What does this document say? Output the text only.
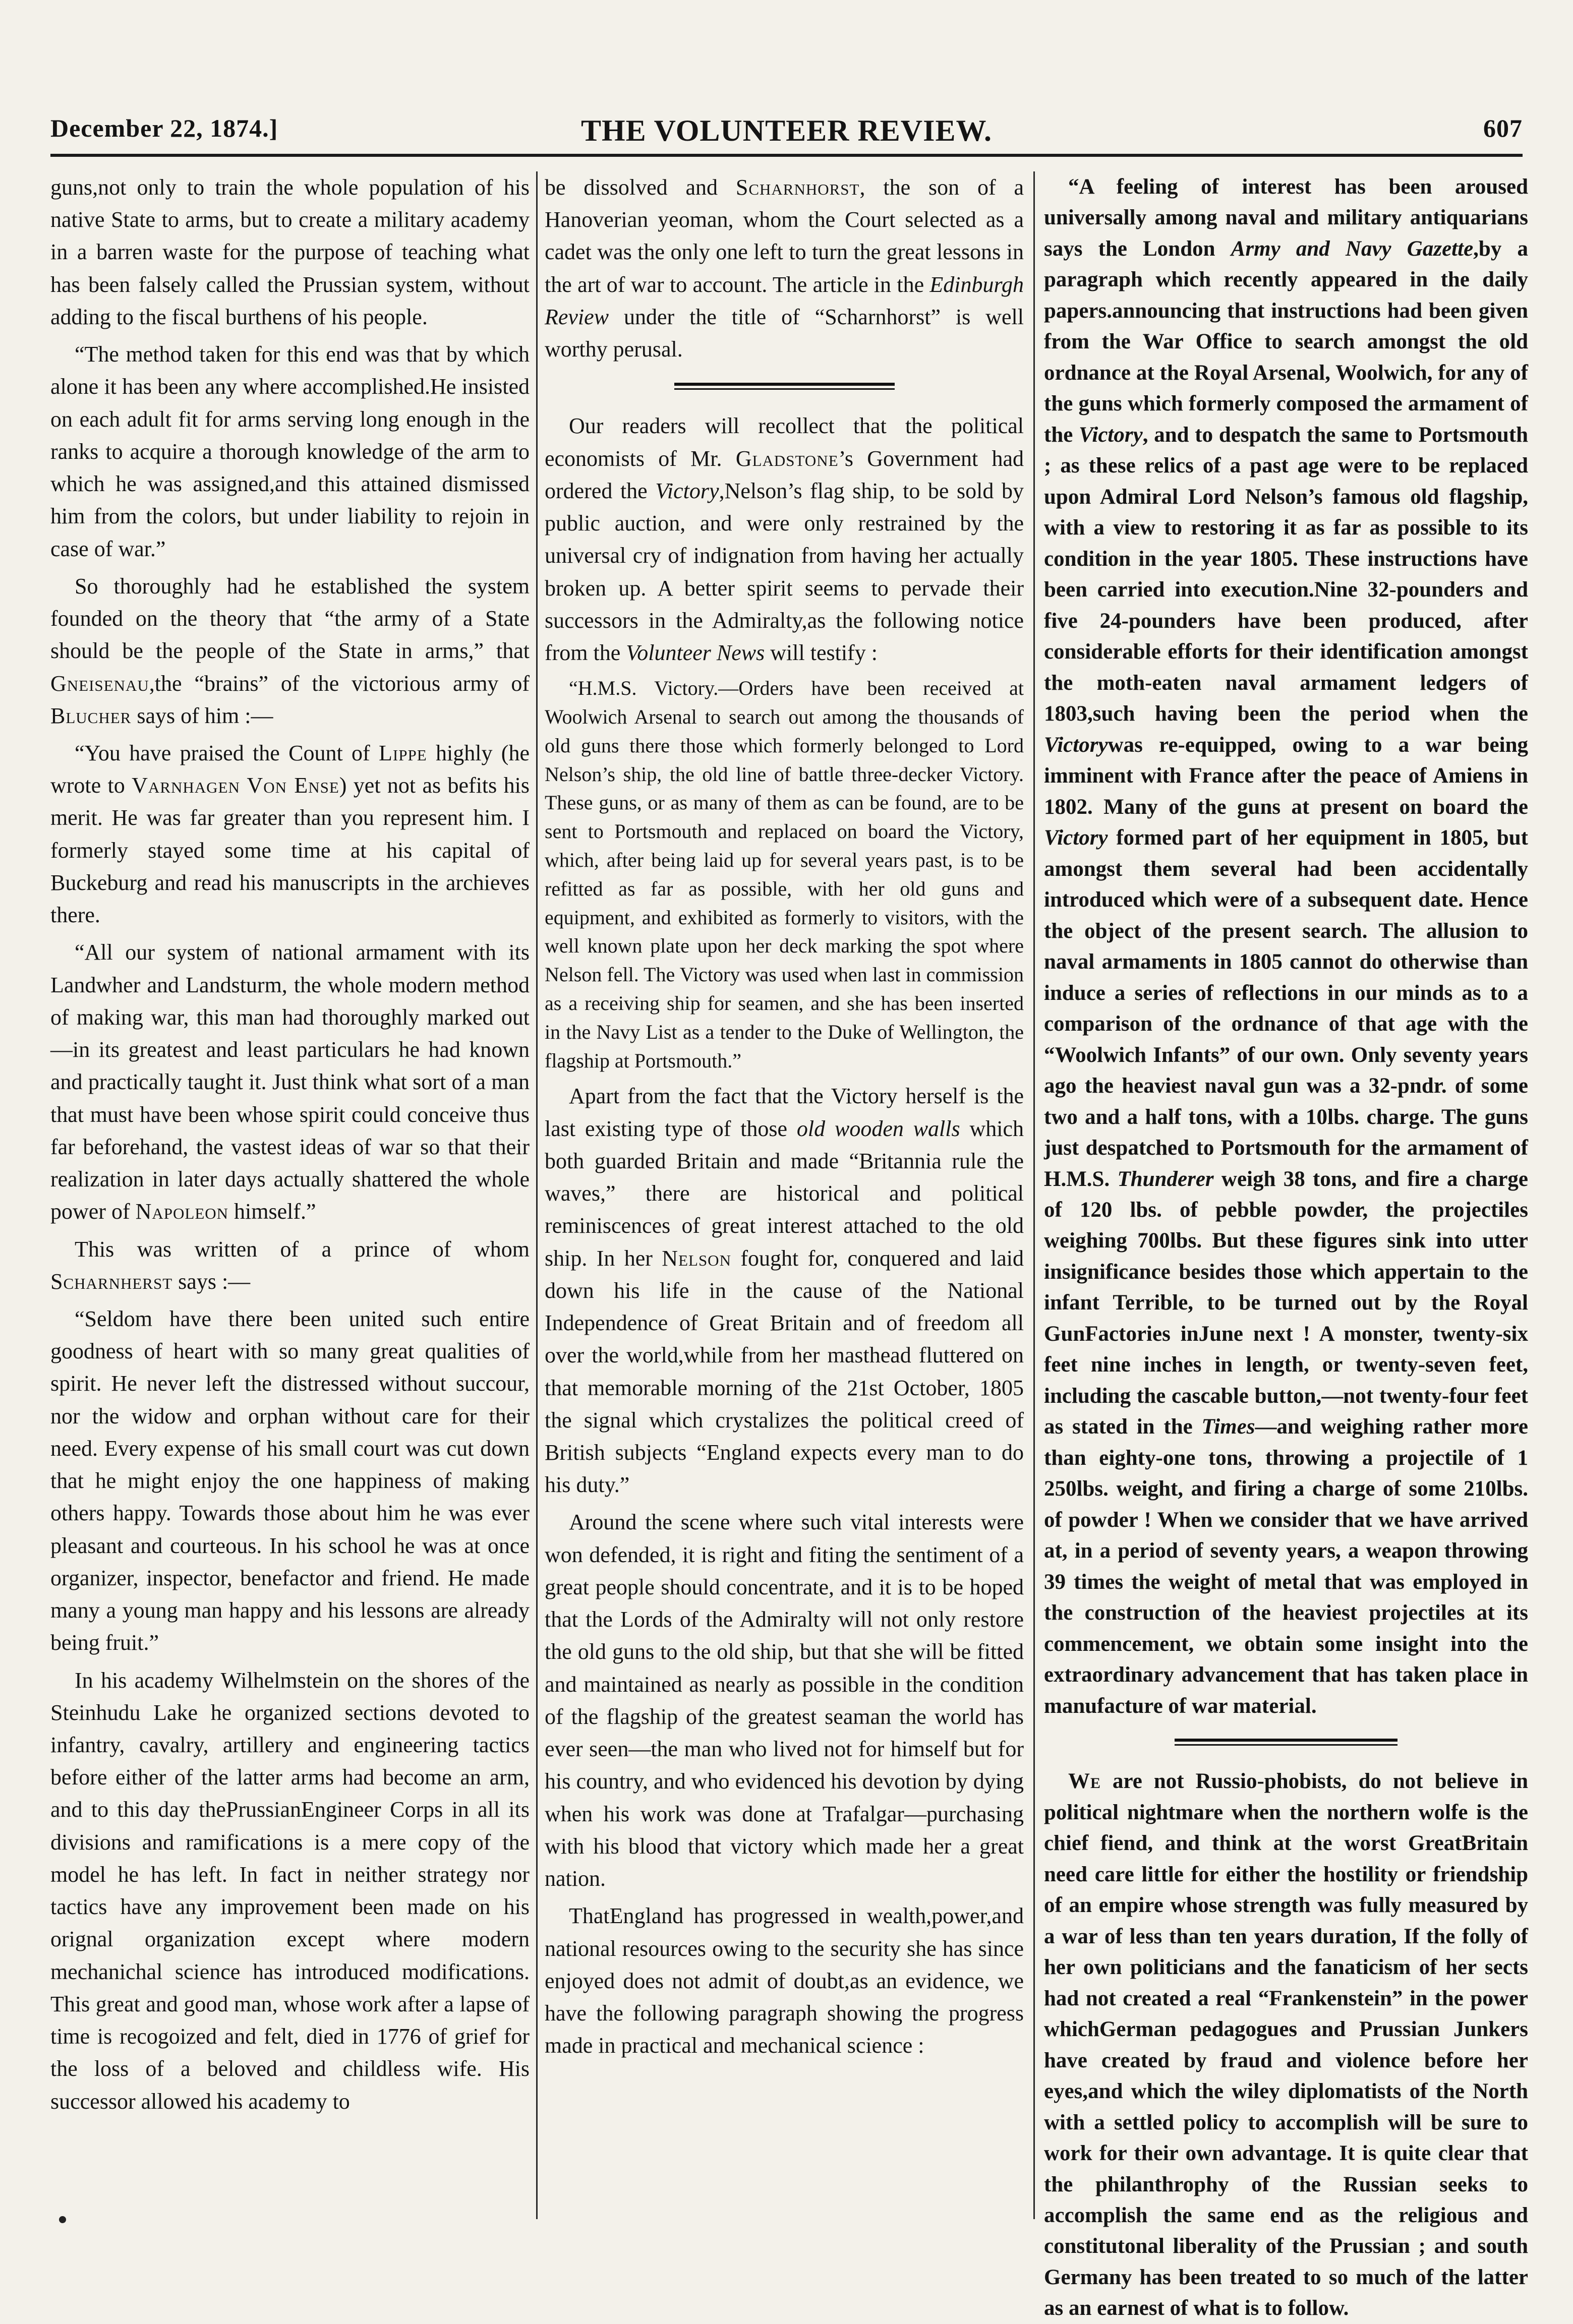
December 22, 1874.]	THE VOLUNTEER REVIEW.	607

guns,not only to train the whole population of his native State to arms, but to create a military academy in a barren waste for the purpose of teaching what has been falsely called the Prussian system, without adding to the fiscal burthens of his people.

“The method taken for this end was that by which alone it has been any where accomplished.He insisted on each adult fit for arms serving long enough in the ranks to acquire a thorough knowledge of the arm to which he was assigned,and this attained dismissed him from the colors, but under liability to rejoin in case of war.”

So thoroughly had he established the system founded on the theory that “the army of a State should be the people of the State in arms,” that Gneisenau,the “brains” of the victorious army of Blucher says of him :—

“You have praised the Count of Lippe highly (he wrote to Varnhagen Von Ense) yet not as befits his merit. He was far greater than you represent him. I formerly stayed some time at his capital of Buckeburg and read his manuscripts in the archieves there.

“All our system of national armament with its Landwher and Landsturm, the whole modern method of making war, this man had thoroughly marked out—in its greatest and least particulars he had known and practically taught it. Just think what sort of a man that must have been whose spirit could conceive thus far beforehand, the vastest ideas of war so that their realization in later days actually shattered the whole power of Napoleon himself.”

This was written of a prince of whom Scharnherst says :—

“Seldom have there been united such entire goodness of heart with so many great qualities of spirit. He never left the distressed without succour, nor the widow and orphan without care for their need. Every expense of his small court was cut down that he might enjoy the one happiness of making others happy. Towards those about him he was ever pleasant and courteous. In his school he was at once organizer, inspector, benefactor and friend. He made many a young man happy and his lessons are already being fruit.”

In his academy Wilhelmstein on the shores of the Steinhudu Lake he organized sections devoted to infantry, cavalry, artillery and engineering tactics before either of the latter arms had become an arm, and to this day thePrussianEngineer Corps in all its divisions and ramifications is a mere copy of the model he has left. In fact in neither strategy nor tactics have any improvement been made on his orignal organization except where modern mechanichal science has introduced modifications. This great and good man, whose work after a lapse of time is recogoized and felt, died in 1776 of grief for the loss of a beloved and childless wife. His successor allowed his academy to

be dissolved and Scharnhorst, the son of a Hanoverian yeoman, whom the Court selected as a cadet was the only one left to turn the great lessons in the art of war to account. The article in the Edinburgh Review under the title of “Scharnhorst” is well worthy perusal.

Our readers will recollect that the political economists of Mr. Gladstone’s Government had ordered the Victory,Nelson’s flag ship, to be sold by public auction, and were only restrained by the universal cry of indignation from having her actually broken up. A better spirit seems to pervade their successors in the Admiralty,as the following notice from the Volunteer News will testify :

“H.M.S. Victory.—Orders have been received at Woolwich Arsenal to search out among the thousands of old guns there those which formerly belonged to Lord Nelson’s ship, the old line of battle three-decker Victory. These guns, or as many of them as can be found, are to be sent to Portsmouth and replaced on board the Victory, which, after being laid up for several years past, is to be refitted as far as possible, with her old guns and equipment, and exhibited as formerly to visitors, with the well known plate upon her deck marking the spot where Nelson fell. The Victory was used when last in commission as a receiving ship for seamen, and she has been inserted in the Navy List as a tender to the Duke of Wellington, the flagship at Portsmouth.”

Apart from the fact that the Victory herself is the last existing type of those old wooden walls which both guarded Britain and made “Britannia rule the waves,” there are historical and political reminiscences of great interest attached to the old ship. In her Nelson fought for, conquered and laid down his life in the cause of the National Independence of Great Britain and of freedom all over the world,while from her masthead fluttered on that memorable morning of the 21st October, 1805 the signal which crystalizes the political creed of British subjects “England expects every man to do his duty.”

Around the scene where such vital interests were won defended, it is right and fiting the sentiment of a great people should concentrate, and it is to be hoped that the Lords of the Admiralty will not only restore the old guns to the old ship, but that she will be fitted and maintained as nearly as possible in the condition of the flagship of the greatest seaman the world has ever seen—the man who lived not for himself but for his country, and who evidenced his devotion by dying when his work was done at Trafalgar—purchasing with his blood that victory which made her a great nation.

ThatEngland has progressed in wealth,power,and national resources owing to the security she has since enjoyed does not admit of doubt,as an evidence, we have the following paragraph showing the progress made in practical and mechanical science :

“A feeling of interest has been aroused universally among naval and military antiquarians says the London Army and Navy Gazette,by a paragraph which recently appeared in the daily papers.announcing that instructions had been given from the War Office to search amongst the old ordnance at the Royal Arsenal, Woolwich, for any of the guns which formerly composed the armament of the Victory, and to despatch the same to Portsmouth ; as these relics of a past age were to be replaced upon Admiral Lord Nelson’s famous old flagship, with a view to restoring it as far as possible to its condition in the year 1805. These instructions have been carried into execution.Nine 32-pounders and five 24-pounders have been produced, after considerable efforts for their identification amongst the moth-eaten naval armament ledgers of 1803,such having been the period when the Victorywas re-equipped, owing to a war being imminent with France after the peace of Amiens in 1802. Many of the guns at present on board the Victory formed part of her equipment in 1805, but amongst them several had been accidentally introduced which were of a subsequent date. Hence the object of the present search. The allusion to naval armaments in 1805 cannot do otherwise than induce a series of reflections in our minds as to a comparison of the ordnance of that age with the “Woolwich Infants” of our own. Only seventy years ago the heaviest naval gun was a 32-pndr. of some two and a half tons, with a 10lbs. charge. The guns just despatched to Portsmouth for the armament of H.M.S. Thunderer weigh 38 tons, and fire a charge of 120 lbs. of pebble powder, the projectiles weighing 700lbs. But these figures sink into utter insignificance besides those which appertain to the infant Terrible, to be turned out by the Royal GunFactories inJune next ! A monster, twenty-six feet nine inches in length, or twenty-seven feet, including the cascable button,—not twenty-four feet as stated in the Times—and weighing rather more than eighty-one tons, throwing a projectile of 1 250lbs. weight, and firing a charge of some 210lbs. of powder ! When we consider that we have arrived at, in a period of seventy years, a weapon throwing 39 times the weight of metal that was employed in the construction of the heaviest projectiles at its commencement, we obtain some insight into the extraordinary advancement that has taken place in manufacture of war material.

We are not Russio-phobists, do not believe in political nightmare when the northern wolfe is the chief fiend, and think at the worst GreatBritain need care little for either the hostility or friendship of an empire whose strength was fully measured by a war of less than ten years duration, If the folly of her own politicians and the fanaticism of her sects had not created a real “Frankenstein” in the power whichGerman pedagogues and Prussian Junkers have created by fraud and violence before her eyes,and which the wiley diplomatists of the North with a settled policy to accomplish will be sure to work for their own advantage. It is quite clear that the philanthrophy of the Russian seeks to accomplish the same end as the religious and constitutonal liberality of the Prussian ; and south Germany has been treated to so much of the latter as an earnest of what is to follow.
